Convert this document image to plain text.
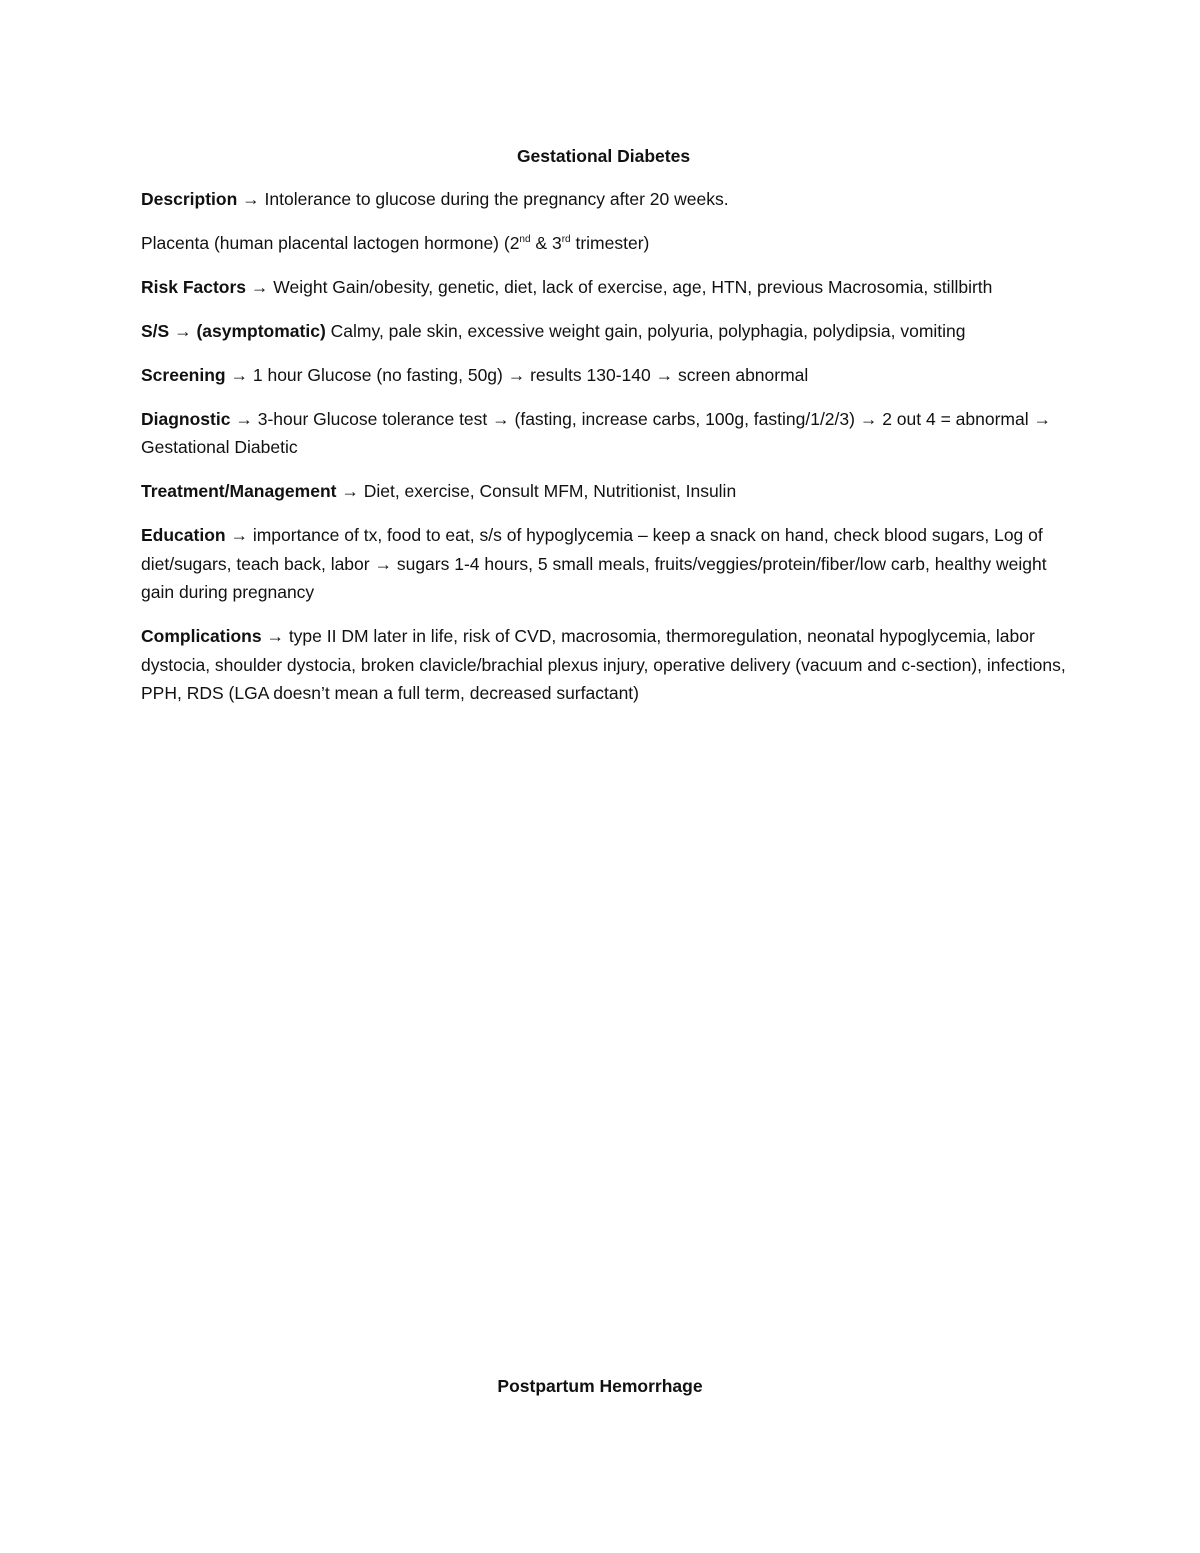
Gestational Diabetes
Description → Intolerance to glucose during the pregnancy after 20 weeks.
Placenta (human placental lactogen hormone) (2nd & 3rd trimester)
Risk Factors → Weight Gain/obesity, genetic, diet, lack of exercise, age, HTN, previous Macrosomia, stillbirth
S/S → (asymptomatic) Calmy, pale skin, excessive weight gain, polyuria, polyphagia, polydipsia, vomiting
Screening → 1 hour Glucose (no fasting, 50g) → results 130-140 → screen abnormal
Diagnostic → 3-hour Glucose tolerance test → (fasting, increase carbs, 100g, fasting/1/2/3) → 2 out 4 = abnormal → Gestational Diabetic
Treatment/Management → Diet, exercise, Consult MFM, Nutritionist, Insulin
Education → importance of tx, food to eat, s/s of hypoglycemia – keep a snack on hand, check blood sugars, Log of diet/sugars, teach back, labor → sugars 1-4 hours, 5 small meals, fruits/veggies/protein/fiber/low carb, healthy weight gain during pregnancy
Complications → type II DM later in life, risk of CVD, macrosomia, thermoregulation, neonatal hypoglycemia, labor dystocia, shoulder dystocia, broken clavicle/brachial plexus injury, operative delivery (vacuum and c-section), infections, PPH, RDS (LGA doesn’t mean a full term, decreased surfactant)
Postpartum Hemorrhage
